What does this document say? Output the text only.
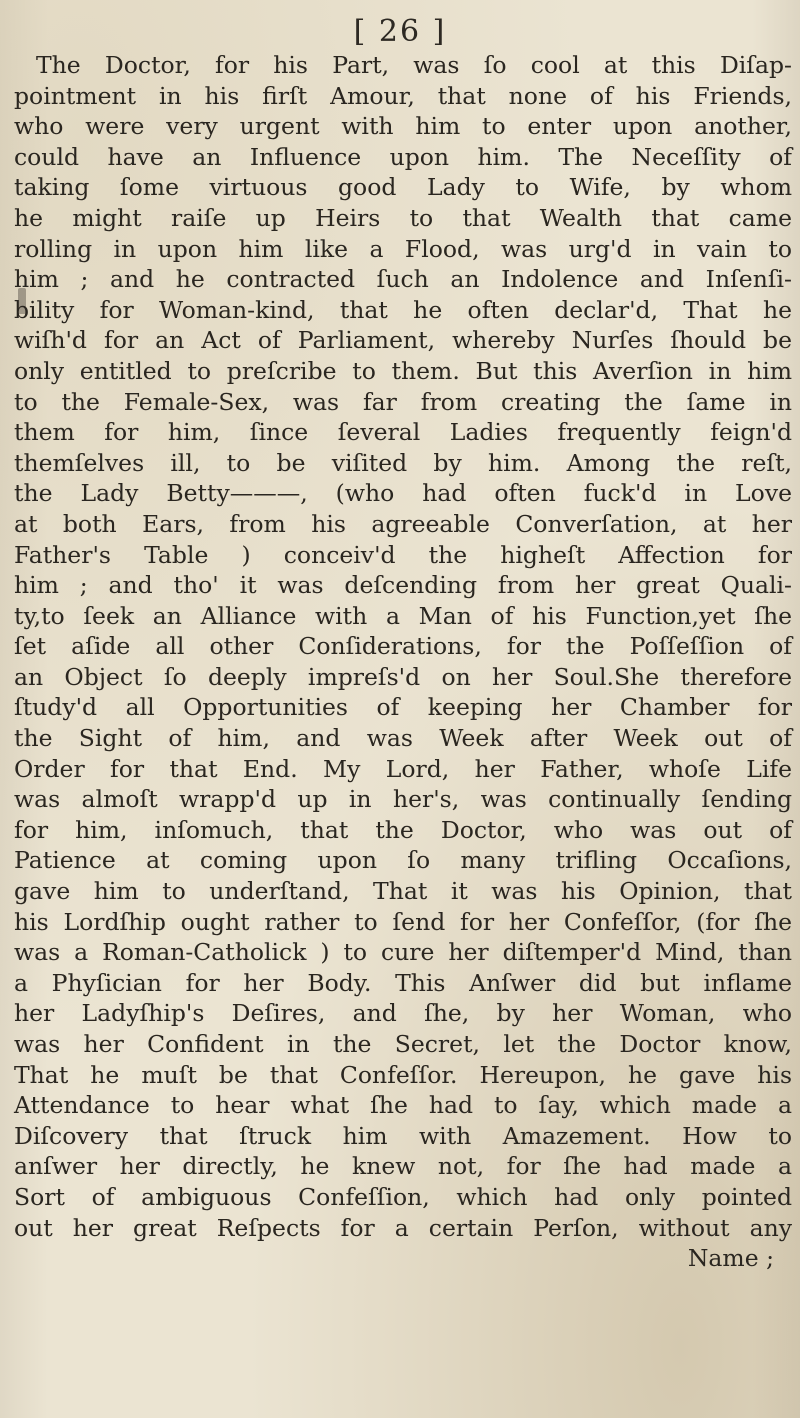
[ 26 ]
The Doctor, for his Part, was ſo cool at this Diſap-
pointment in his firſt Amour, that none of his Friends,
who were very urgent with him to enter upon another,
could have an Influence upon him. The Neceſſity of
taking ſome virtuous good Lady to Wife, by whom
he might raiſe up Heirs to that Wealth that came
rolling in upon him like a Flood, was urg'd in vain to
him ; and he contracted ſuch an Indolence and Inſenſi-
bility for Woman-kind, that he often declar'd, That he
wiſh'd for an Act of Parliament, whereby Nurſes ſhould be
only entitled to preſcribe to them. But this Averſion in him
to the Female-Sex, was far from creating the ſame in
them for him, ſince ſeveral Ladies frequently feign'd
themſelves ill, to be viſited by him. Among the reſt,
the Lady Betty———, (who had often fuck'd in Love
at both Ears, from his agreeable Converſation, at her
Father's Table ) conceiv'd the higheſt Affection for
him ; and tho' it was deſcending from her great Quali-
ty,to ſeek an Alliance with a Man of his Function,yet ſhe
ſet aſide all other Conſiderations, for the Poſſeſſion of
an Object ſo deeply impreſs'd on her Soul.She therefore
ſtudy'd all Opportunities of keeping her Chamber for
the Sight of him, and was Week after Week out of
Order for that End. My Lord, her Father, whoſe Life
was almoſt wrapp'd up in her's, was continually ſending
for him, inſomuch, that the Doctor, who was out of
Patience at coming upon ſo many trifling Occaſions,
gave him to underſtand, That it was his Opinion, that
his Lordſhip ought rather to ſend for her Confeſſor, (for ſhe
was a Roman-Catholick ) to cure her diſtemper'd Mind, than
a Phyſician for her Body. This Anſwer did but inflame
her Ladyſhip's Deſires, and ſhe, by her Woman, who
was her Confident in the Secret, let the Doctor know,
That he muſt be that Confeſſor. Hereupon, he gave his
Attendance to hear what ſhe had to ſay, which made a
Diſcovery that ſtruck him with Amazement. How to
anſwer her directly, he knew not, for ſhe had made a
Sort of ambiguous Confeſſion, which had only pointed
out her great Reſpects for a certain Perſon, without any
Name ;
